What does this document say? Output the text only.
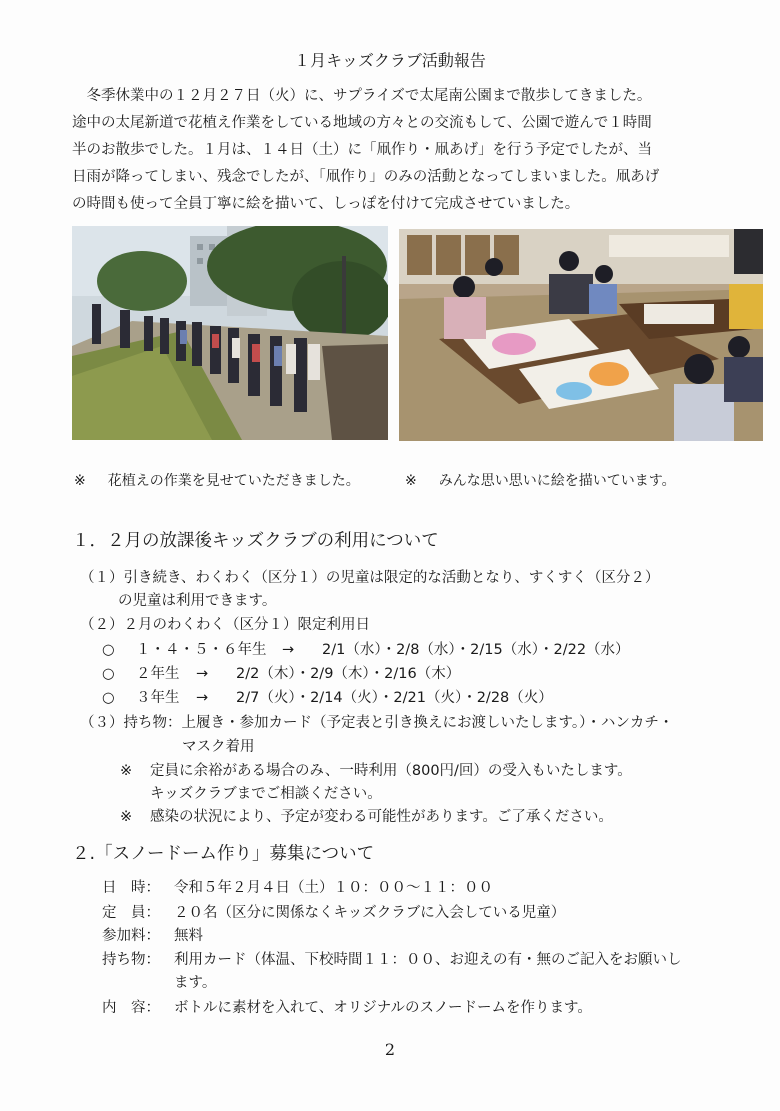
１月キッズクラブ活動報告
　冬季休業中の１２月２７日（火）に、サプライズで太尾南公園まで散歩してきました。
途中の太尾新道で花植え作業をしている地域の方々との交流もして、公園で遊んで１時間
半のお散歩でした。１月は、１４日（土）に「凧作り・凧あげ」を行う予定でしたが、当
日雨が降ってしまい、残念でしたが、「凧作り」のみの活動となってしまいました。凧あげ
の時間も使って全員丁寧に絵を描いて、しっぽを付けて完成させていました。
※ 花植えの作業を見せていただきました。	※ みんな思い思いに絵を描いています。
１．２月の放課後キッズクラブの利用について
（１）引き続き、わくわく（区分１）の児童は限定的な活動となり、すくすく（区分２）
の児童は利用できます。
（２）２月のわくわく（区分１）限定利用日
○ １・４・５・６年生 → 2/1（水）・2/8（水）・2/15（水）・2/22（水）
○ ２年生 → 2/2（木）・2/9（木）・2/16（木）
○ ３年生 → 2/7（火）・2/14（火）・2/21（火）・2/28（火）
（３）持ち物：上履き・参加カード（予定表と引き換えにお渡しいたします。）・ハンカチ・
マスク着用
※ 定員に余裕がある場合のみ、一時利用（800円/回）の受入もいたします。
キッズクラブまでご相談ください。
※ 感染の状況により、予定が変わる可能性があります。ご了承ください。
２.「スノードーム作り」募集について
日　時： 令和５年２月４日（土）１０：００～１１：００
定　員： ２０名（区分に関係なくキッズクラブに入会している児童）
参加料： 無料
持ち物： 利用カード（体温、下校時間１１：００、お迎えの有・無のご記入をお願いし
ます。
内　容： ボトルに素材を入れて、オリジナルのスノードームを作ります。
2
